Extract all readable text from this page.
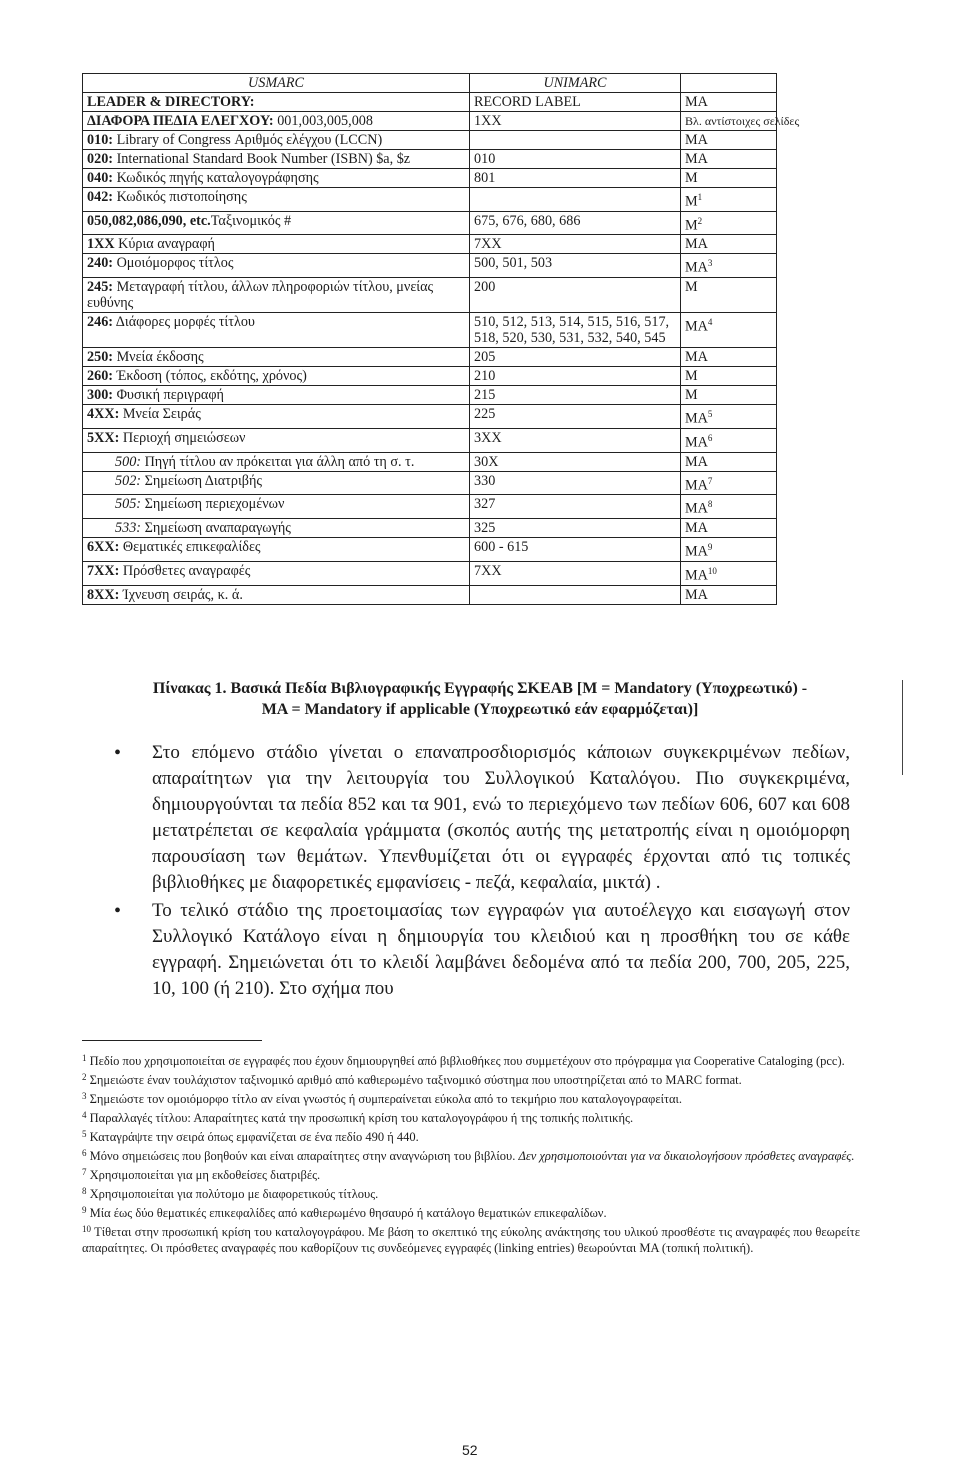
USMARC	UNIMARC	
LEADER & DIRECTORY:	RECORD LABEL	MA
ΔΙΑΦΟΡΑ ΠΕΔΙΑ ΕΛΕΓΧΟΥ: 001,003,005,008	1XX	Βλ. αντίστοιχες σελίδες
010: Library of Congress Αριθμός ελέγχου (LCCN)		MA
020: International Standard Book Number (ISBN) $a, $z	010	MA
040: Κωδικός πηγής καταλογογράφησης	801	M
042: Κωδικός πιστοποίησης		$M^1$
050,082,086,090, etc.Ταξινομικός #	675, 676, 680, 686	$M^2$
1XX Κύρια αναγραφή	7XX	MA
240: Ομοιόμορφος τίτλος	500, 501, 503	$MA^3$
245: Μεταγραφή τίτλου, άλλων πληροφοριών τίτλου, μνείας ευθύνης	200	M
246: Διάφορες μορφές τίτλου	510, 512, 513, 514, 515, 516, 517, 518, 520, 530, 531, 532, 540, 545	$MA^4$
250: Μνεία έκδοσης	205	MA
260: Έκδοση (τόπος, εκδότης, χρόνος)	210	M
300: Φυσική περιγραφή	215	M
4XX: Μνεία Σειράς	225	$MA^5$
5XX: Περιοχή σημειώσεων	3XX	$MA^6$
500: Πηγή τίτλου αν πρόκειται για άλλη από τη σ. τ.	30X	MA
502: Σημείωση Διατριβής	330	$MA^7$
505: Σημείωση περιεχομένων	327	$MA^8$
533: Σημείωση αναπαραγωγής	325	MA
6XX: Θεματικές επικεφαλίδες	600 - 615	$MA^9$
7XX: Πρόσθετες αναγραφές	7XX	MA$^{10}$
8XX: Ίχνευση σειράς, κ. ά.		MA
Πίνακας 1. Βασικά Πεδία Βιβλιογραφικής Εγγραφής ΣΚΕΑΒ [M = Mandatory (Υποχρεωτικό) -
MA = Mandatory if applicable (Υποχρεωτικό εάν εφαρμόζεται)]
• Στο επόμενο στάδιο γίνεται ο επαναπροσδιορισμός κάποιων συγκεκριμένων πεδίων, απαραίτητων για την λειτουργία του Συλλογικού Καταλόγου. Πιο συγκεκριμένα, δημιουργούνται τα πεδία 852 και τα 901, ενώ το περιεχόμενο των πεδίων 606, 607 και 608 μετατρέπεται σε κεφαλαία γράμματα (σκοπός αυτής της μετατροπής είναι η ομοιόμορφη παρουσίαση των θεμάτων. Υπενθυμίζεται ότι οι εγγραφές έρχονται από τις τοπικές βιβλιοθήκες με διαφορετικές εμφανίσεις - πεζά, κεφαλαία, μικτά) .
• Το τελικό στάδιο της προετοιμασίας των εγγραφών για αυτοέλεγχο και εισαγωγή στον Συλλογικό Κατάλογο είναι η δημιουργία του κλειδιού και η προσθήκη του σε κάθε εγγραφή. Σημειώνεται ότι το κλειδί λαμβάνει δεδομένα από τα πεδία 200, 700, 205, 225, 10, 100 (ή 210). Στο σχήμα που

$^1$ Πεδίο που χρησιμοποιείται σε εγγραφές που έχουν δημιουργηθεί από βιβλιοθήκες που συμμετέχουν στο πρόγραμμα για Cooperative Cataloging (pcc).

$^2$ Σημειώστε έναν τουλάχιστον ταξινομικό αριθμό από καθιερωμένο ταξινομικό σύστημα που υποστηρίζεται από το MARC format.

$^3$ Σημειώστε τον ομοιόμορφο τίτλο αν είναι γνωστός ή συμπεραίνεται εύκολα από το τεκμήριο που καταλογογραφείται.

$^4$ Παραλλαγές τίτλου: Απαραίτητες κατά την προσωπική κρίση του καταλογογράφου ή της τοπικής πολιτικής.

$^5$ Καταγράψτε την σειρά όπως εμφανίζεται σε ένα πεδίο 490 ή 440.

$^6$ Μόνο σημειώσεις που βοηθούν και είναι απαραίτητες στην αναγνώριση του βιβλίου. Δεν χρησιμοποιούνται για να δικαιολογήσουν πρόσθετες αναγραφές.

$^7$ Χρησιμοποιείται για μη εκδοθείσες διατριβές.

$^8$ Χρησιμοποιείται για πολύτομο με διαφορετικούς τίτλους.

$^9$ Μία έως δύο θεματικές επικεφαλίδες από καθιερωμένο θησαυρό ή κατάλογο θεματικών επικεφαλίδων.

$^{10}$ Τίθεται στην προσωπική κρίση του καταλογογράφου. Με βάση το σκεπτικό της εύκολης ανάκτησης του υλικού προσθέστε τις αναγραφές που θεωρείτε απαραίτητες. Οι πρόσθετες αναγραφές που καθορίζουν τις συνδεόμενες εγγραφές (linking entries) θεωρούνται MA (τοπική πολιτική).

52
